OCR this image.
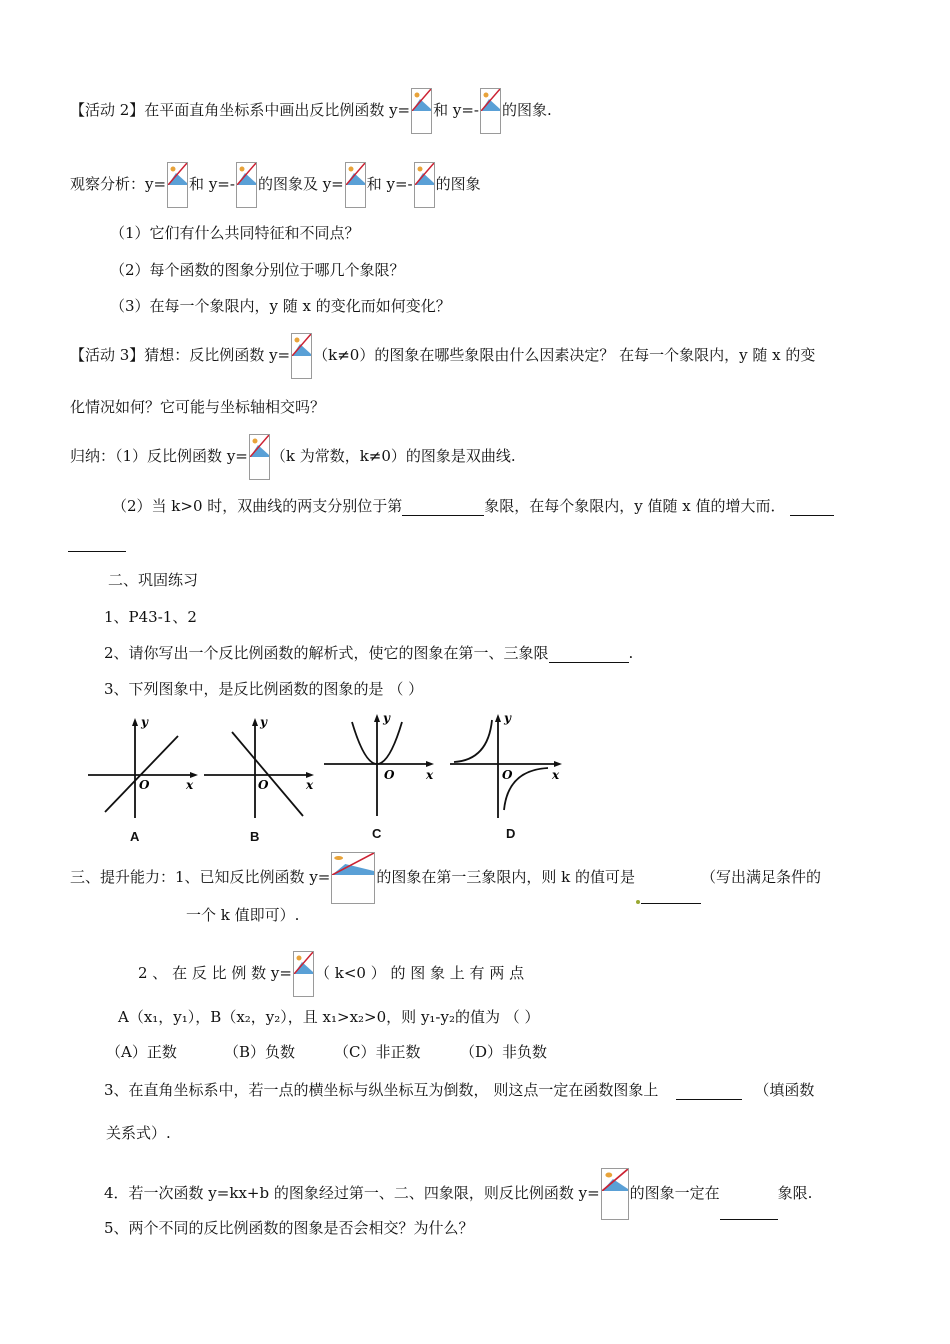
【活动 2】在平面直角坐标系中画出反比例函数 y= 和 y=- 的图象.
观察分析：y= 和 y=- 的图象及 y= 和 y=- 的图象
（1）它们有什么共同特征和不同点？
（2）每个函数的图象分别位于哪几个象限？
（3）在每一个象限内，y 随 x 的变化而如何变化？
【活动 3】猜想：反比例函数 y= （k≠0）的图象在哪些象限由什么因素决定？ 在每一个象限内，y 随 x 的变
化情况如何？它可能与坐标轴相交吗？
归纳：（1）反比例函数 y= （k 为常数，k≠0）的图象是双曲线.
（2）当 k>0 时，双曲线的两支分别位于第	象限，在每个象限内，y 值随 x 值的增大而．
二、巩固练习
1、P43-1、2
2、请你写出一个反比例函数的解析式，使它的图象在第一、三象限	.
3、下列图象中，是反比例函数的图象的是 （ ）
y
x
O
A
y
x
O
B
y
x
O
C
y
x
O
D
三、提升能力：1、已知反比例函数 y=	的图象在第一三象限内，则 k 的值可是	（写出满足条件的
一个 k 值即可）.
2 、 在 反 比 例 数 y= （ k<0 ） 的 图 象 上 有 两 点
A（x₁，y₁），B（x₂，y₂），且 x₁>x₂>0，则 y₁-y₂的值为 （ ）
（A）正数	（B）负数	（C）非正数	（D）非负数
3、在直角坐标系中，若一点的横坐标与纵坐标互为倒数， 则这点一定在函数图象上	（填函数
关系式）.
4．若一次函数 y=kx+b 的图象经过第一、二、四象限，则反比例函数 y= 的图象一定在	象限.
5、两个不同的反比例函数的图象是否会相交？为什么？
